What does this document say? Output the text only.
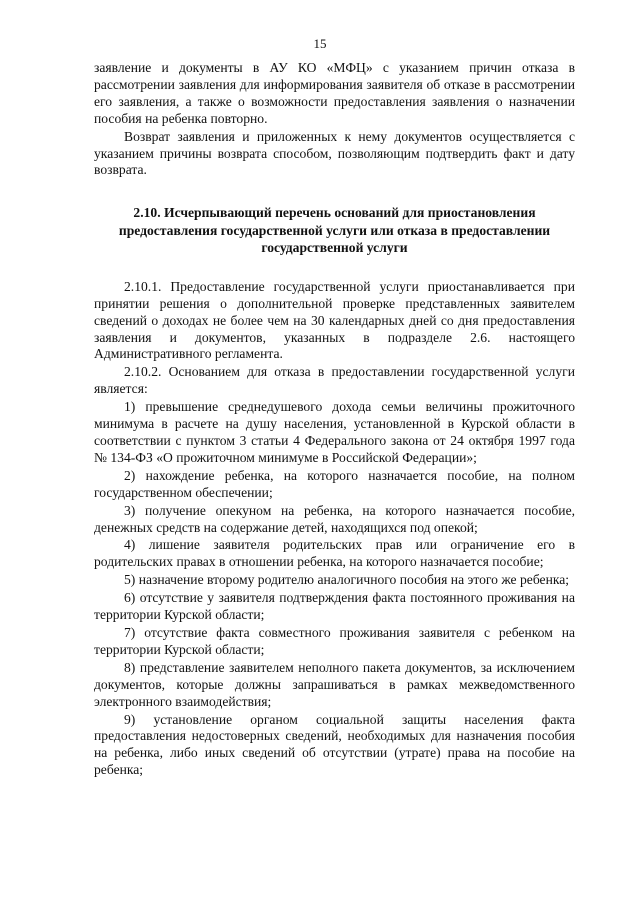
15

заявление и документы в АУ КО «МФЦ» с указанием причин отказа в рассмотрении заявления для информирования заявителя об отказе в рассмотрении его заявления, а также о возможности предоставления заявления о назначении пособия на ребенка повторно.

Возврат заявления и приложенных к нему документов осуществляется с указанием причины возврата способом, позволяющим подтвердить факт и дату возврата.

2.10. Исчерпывающий перечень оснований для приостановления предоставления государственной услуги или отказа в предоставлении государственной услуги

2.10.1. Предоставление государственной услуги приостанавливается при принятии решения о дополнительной проверке представленных заявителем сведений о доходах не более чем на 30 календарных дней со дня предоставления заявления и документов, указанных в подразделе 2.6. настоящего Административного регламента.

2.10.2. Основанием для отказа в предоставлении государственной услуги является:

1) превышение среднедушевого дохода семьи величины прожиточного минимума в расчете на душу населения, установленной в Курской области в соответствии с пунктом 3 статьи 4 Федерального закона от 24 октября 1997 года № 134-ФЗ «О прожиточном минимуме в Российской Федерации»;

2) нахождение ребенка, на которого назначается пособие, на полном государственном обеспечении;

3) получение опекуном на ребенка, на которого назначается пособие, денежных средств на содержание детей, находящихся под опекой;

4) лишение заявителя родительских прав или ограничение его в родительских правах в отношении ребенка, на которого назначается пособие;

5) назначение второму родителю аналогичного пособия на этого же ребенка;

6) отсутствие у заявителя подтверждения факта постоянного проживания на территории Курской области;

7) отсутствие факта совместного проживания заявителя с ребенком на территории Курской области;

8) представление заявителем неполного пакета документов, за исключением документов, которые должны запрашиваться в рамках межведомственного электронного взаимодействия;

9) установление органом социальной защиты населения факта предоставления недостоверных сведений, необходимых для назначения пособия на ребенка, либо иных сведений об отсутствии (утрате) права на пособие на ребенка;
